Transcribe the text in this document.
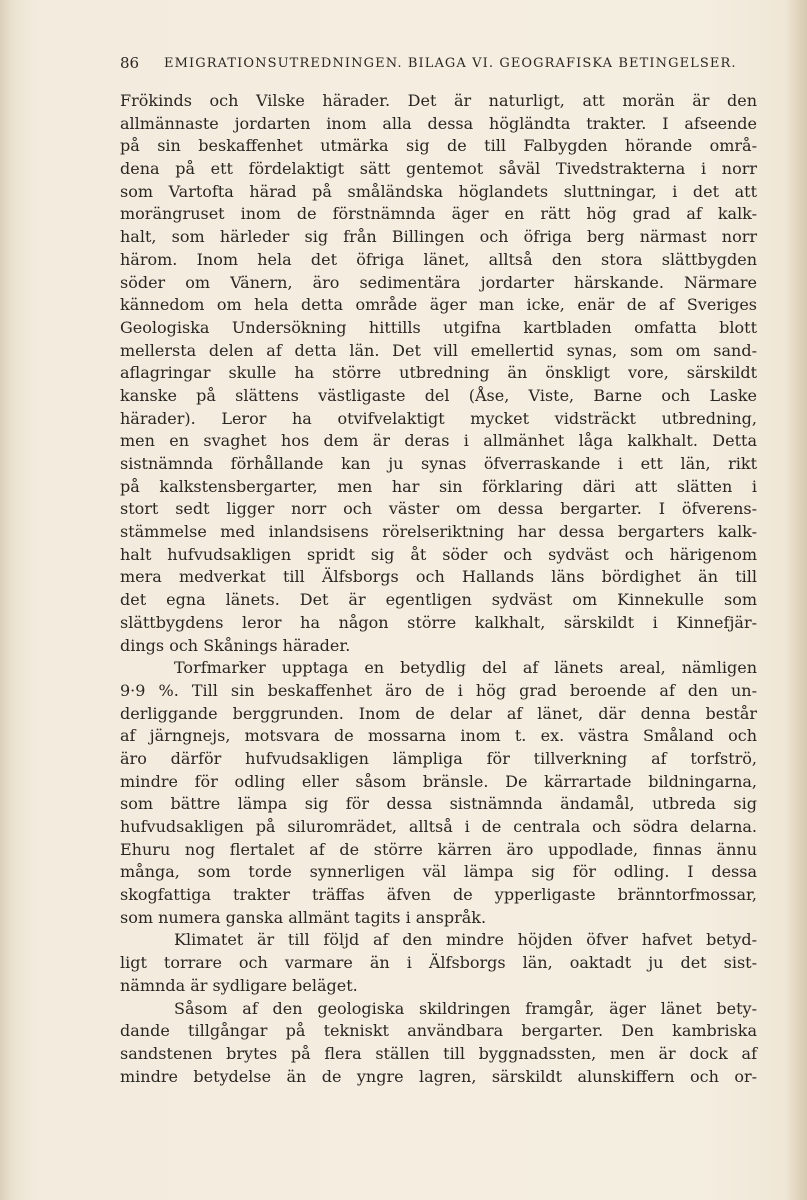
86 EMIGRATIONSUTREDNINGEN. BILAGA VI. GEOGRAFISKA BETINGELSER.
Frökinds och Vilske härader. Det är naturligt, att morän är den
allmännaste jordarten inom alla dessa högländta trakter. I afseende
på sin beskaffenhet utmärka sig de till Falbygden hörande områ-
dena på ett fördelaktigt sätt gentemot såväl Tivedstrakterna i norr
som Vartofta härad på småländska höglandets sluttningar, i det att
morängruset inom de förstnämnda äger en rätt hög grad af kalk-
halt, som härleder sig från Billingen och öfriga berg närmast norr
härom. Inom hela det öfriga länet, alltså den stora slättbygden
söder om Vänern, äro sedimentära jordarter härskande. Närmare
kännedom om hela detta område äger man icke, enär de af Sveriges
Geologiska Undersökning hittills utgifna kartbladen omfatta blott
mellersta delen af detta län. Det vill emellertid synas, som om sand-
aflagringar skulle ha större utbredning än önskligt vore, särskildt
kanske på slättens västligaste del (Åse, Viste, Barne och Laske
härader). Leror ha otvifvelaktigt mycket vidsträckt utbredning,
men en svaghet hos dem är deras i allmänhet låga kalkhalt. Detta
sistnämnda förhållande kan ju synas öfverraskande i ett län, rikt
på kalkstensbergarter, men har sin förklaring däri att slätten i
stort sedt ligger norr och väster om dessa bergarter. I öfverens-
stämmelse med inlandsisens rörelseriktning har dessa bergarters kalk-
halt hufvudsakligen spridt sig åt söder och sydväst och härigenom
mera medverkat till Älfsborgs och Hallands läns bördighet än till
det egna länets. Det är egentligen sydväst om Kinnekulle som
slättbygdens leror ha någon större kalkhalt, särskildt i Kinnefjär-
dings och Skånings härader.
Torfmarker upptaga en betydlig del af länets areal, nämligen
9·9 %. Till sin beskaffenhet äro de i hög grad beroende af den un-
derliggande berggrunden. Inom de delar af länet, där denna består
af järngnejs, motsvara de mossarna inom t. ex. västra Småland och
äro därför hufvudsakligen lämpliga för tillverkning af torfströ,
mindre för odling eller såsom bränsle. De kärrartade bildningarna,
som bättre lämpa sig för dessa sistnämnda ändamål, utbreda sig
hufvudsakligen på siluromrädet, alltså i de centrala och södra delarna.
Ehuru nog flertalet af de större kärren äro uppodlade, finnas ännu
många, som torde synnerligen väl lämpa sig för odling. I dessa
skogfattiga trakter träffas äfven de ypperligaste bränntorfmossar,
som numera ganska allmänt tagits i anspråk.
Klimatet är till följd af den mindre höjden öfver hafvet betyd-
ligt torrare och varmare än i Älfsborgs län, oaktadt ju det sist-
nämnda är sydligare beläget.
Såsom af den geologiska skildringen framgår, äger länet bety-
dande tillgångar på tekniskt användbara bergarter. Den kambriska
sandstenen brytes på flera ställen till byggnadssten, men är dock af
mindre betydelse än de yngre lagren, särskildt alunskiffern och or-
